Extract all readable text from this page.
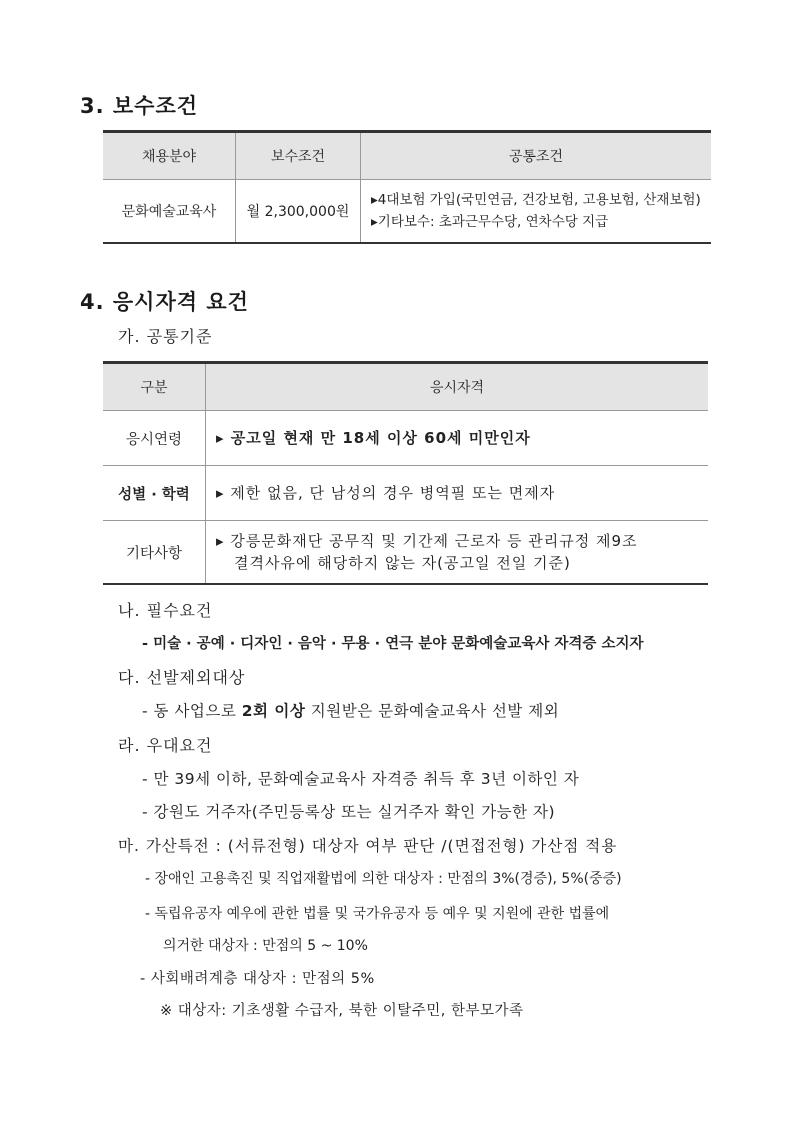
3. 보수조건
채용분야	보수조건	공통조건
문화예술교육사	월 2,300,000원	▸4대보험 가입(국민연금, 건강보험, 고용보험, 산재보험)
▸기타보수: 초과근무수당, 연차수당 지급
4. 응시자격 요건
가. 공통기준
구분	응시자격
응시연령	▸ 공고일 현재 만 18세 이상 60세 미만인자
성별 · 학력	▸ 제한 없음, 단 남성의 경우 병역필 또는 면제자
기타사항	▸ 강릉문화재단 공무직 및 기간제 근로자 등 관리규정 제9조
결격사유에 해당하지 않는 자(공고일 전일 기준)
나. 필수요건
- 미술 · 공예 · 디자인 · 음악 · 무용 · 연극 분야 문화예술교육사 자격증 소지자
다. 선발제외대상
- 동 사업으로 2회 이상 지원받은 문화예술교육사 선발 제외
라. 우대요건
- 만 39세 이하, 문화예술교육사 자격증 취득 후 3년 이하인 자
- 강원도 거주자(주민등록상 또는 실거주자 확인 가능한 자)
마. 가산특전 : (서류전형) 대상자 여부 판단 /(면접전형) 가산점 적용
- 장애인 고용촉진 및 직업재활법에 의한 대상자 : 만점의 3%(경증), 5%(중증)
- 독립유공자 예우에 관한 법률 및 국가유공자 등 예우 및 지원에 관한 법률에
의거한 대상자 : 만점의 5 ~ 10%
- 사회배려계층 대상자 : 만점의 5%
※ 대상자: 기초생활 수급자, 북한 이탈주민, 한부모가족
